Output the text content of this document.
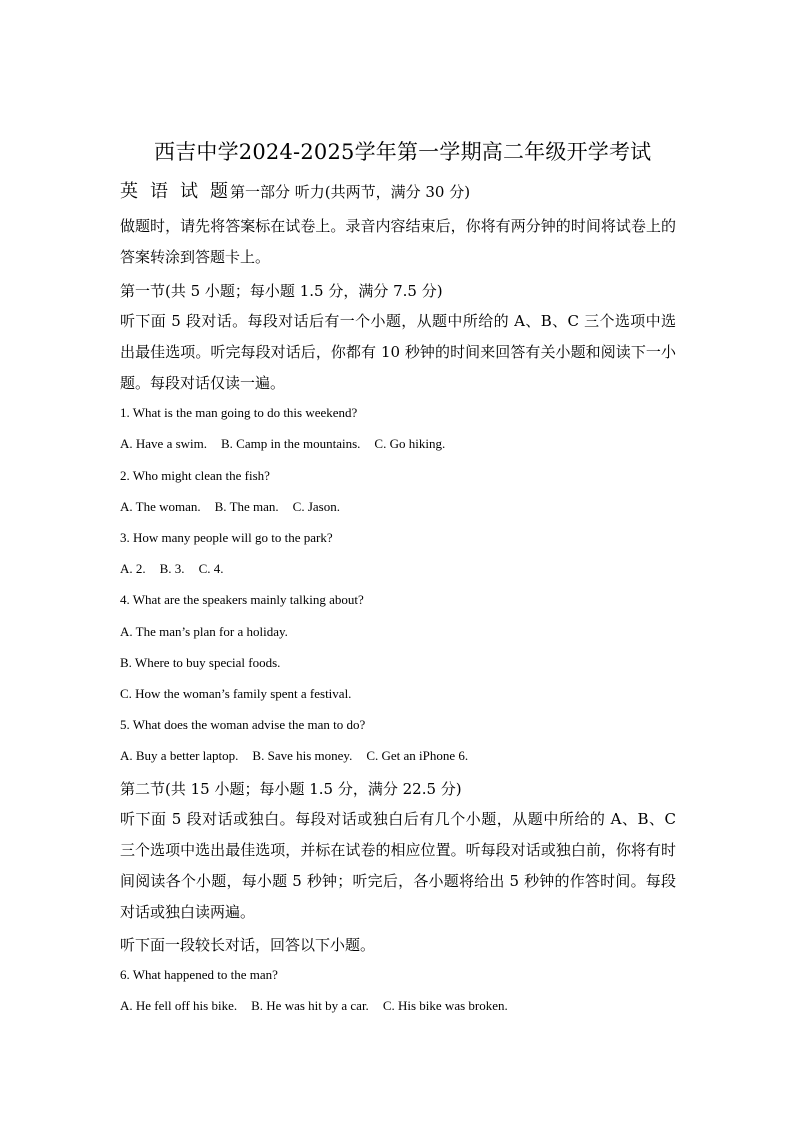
西吉中学2024-2025学年第一学期高二年级开学考试
英语试题第一部分 听力(共两节，满分 30 分)
做题时，请先将答案标在试卷上。录音内容结束后，你将有两分钟的时间将试卷上的答案转涂到答题卡上。
第一节(共 5 小题；每小题 1.5 分，满分 7.5 分)
听下面 5 段对话。每段对话后有一个小题，从题中所给的 A、B、C 三个选项中选出最佳选项。听完每段对话后，你都有 10 秒钟的时间来回答有关小题和阅读下一小题。每段对话仅读一遍。
1. What is the man going to do this weekend?
A. Have a swim. B. Camp in the mountains. C. Go hiking.
2. Who might clean the fish?
A. The woman. B. The man. C. Jason.
3. How many people will go to the park?
A. 2. B. 3. C. 4.
4. What are the speakers mainly talking about?
A. The man’s plan for a holiday.
B. Where to buy special foods.
C. How the woman’s family spent a festival.
5. What does the woman advise the man to do?
A. Buy a better laptop. B. Save his money. C. Get an iPhone 6.
第二节(共 15 小题；每小题 1.5 分，满分 22.5 分)
听下面 5 段对话或独白。每段对话或独白后有几个小题，从题中所给的 A、B、C 三个选项中选出最佳选项，并标在试卷的相应位置。听每段对话或独白前，你将有时间阅读各个小题，每小题 5 秒钟；听完后，各小题将给出 5 秒钟的作答时间。每段对话或独白读两遍。
听下面一段较长对话，回答以下小题。
6. What happened to the man?
A. He fell off his bike. B. He was hit by a car. C. His bike was broken.
